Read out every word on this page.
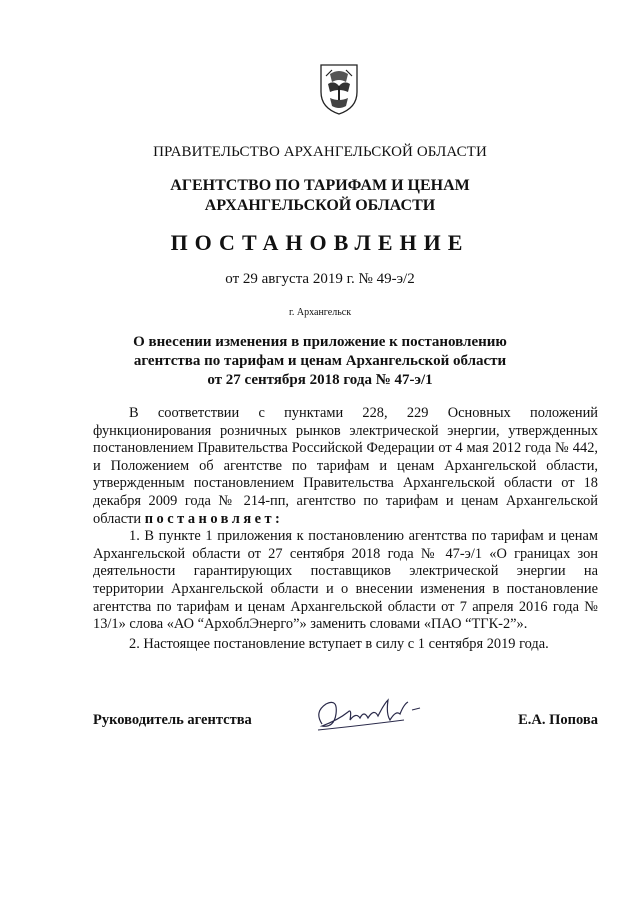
ПРАВИТЕЛЬСТВО АРХАНГЕЛЬСКОЙ ОБЛАСТИ
АГЕНТСТВО ПО ТАРИФАМ И ЦЕНАМ
АРХАНГЕЛЬСКОЙ ОБЛАСТИ
ПОСТАНОВЛЕНИЕ
от 29 августа 2019 г. № 49-э/2
г. Архангельск
О внесении изменения в приложение к постановлению
агентства по тарифам и ценам Архангельской области
от 27 сентября 2018 года № 47-э/1

В соответствии с пунктами 228, 229 Основных положений функционирования розничных рынков электрической энергии, утвержденных постановлением Правительства Российской Федерации от 4 мая 2012 года № 442, и Положением об агентстве по тарифам и ценам Архангельской области, утвержденным постановлением Правительства Архангельской области от 18 декабря 2009 года № 214-пп, агентство по тарифам и ценам Архангельской области постановляет:

1. В пункте 1 приложения к постановлению агентства по тарифам и ценам Архангельской области от 27 сентября 2018 года № 47-э/1 «О границах зон деятельности гарантирующих поставщиков электрической энергии на территории Архангельской области и о внесении изменения в постановление агентства по тарифам и ценам Архангельской области от 7 апреля 2016 года № 13/1» слова «АО “АрхоблЭнерго”» заменить словами «ПАО “ТГК-2”».

2. Настоящее постановление вступает в силу с 1 сентября 2019 года.

Руководитель агентства	Е.А. Попова
